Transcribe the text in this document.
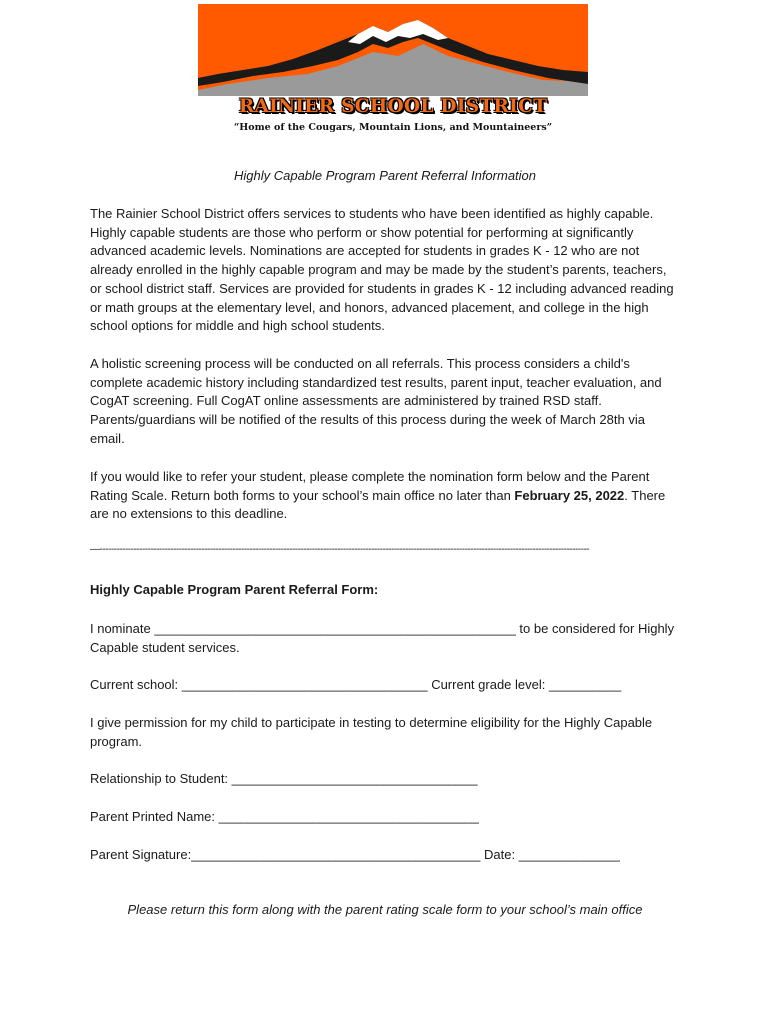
RAINIER SCHOOL DISTRICT
“Home of the Cougars, Mountain Lions, and Mountaineers”
Highly Capable Program Parent Referral Information
The Rainier School District offers services to students who have been identified as highly capable. Highly capable students are those who perform or show potential for performing at significantly advanced academic levels. Nominations are accepted for students in grades K - 12 who are not already enrolled in the highly capable program and may be made by the student’s parents, teachers, or school district staff. Services are provided for students in grades K - 12 including advanced reading or math groups at the elementary level, and honors, advanced placement, and college in the high school options for middle and high school students.
A holistic screening process will be conducted on all referrals. This process considers a child's complete academic history including standardized test results, parent input, teacher evaluation, and CogAT screening. Full CogAT online assessments are administered by trained RSD staff. Parents/guardians will be notified of the results of this process during the week of March 28th via email.
If you would like to refer your student, please complete the nomination form below and the Parent Rating Scale. Return both forms to your school’s main office no later than February 25, 2022. There are no extensions to this deadline.
—-----------------------------------------------------------------------------------------------------------------------------------------------------------------------------
Highly Capable Program Parent Referral Form:
I nominate __________________________________________________ to be considered for Highly Capable student services.
Current school: __________________________________ Current grade level: __________
I give permission for my child to participate in testing to determine eligibility for the Highly Capable program.
Relationship to Student: __________________________________
Parent Printed Name: ____________________________________
Parent Signature:________________________________________ Date: ______________
Please return this form along with the parent rating scale form to your school’s main office
